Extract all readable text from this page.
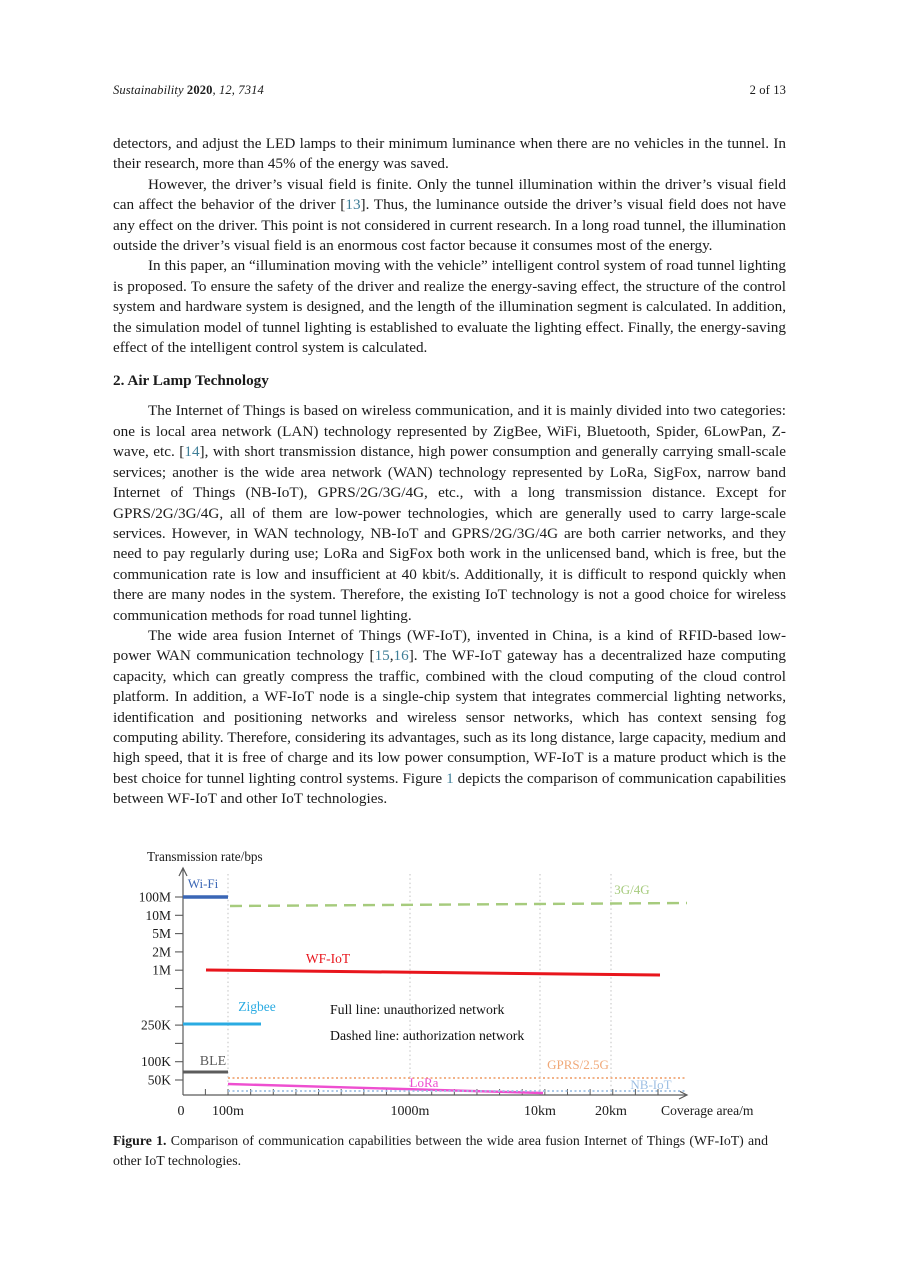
Sustainability 2020, 12, 7314	2 of 13

detectors, and adjust the LED lamps to their minimum luminance when there are no vehicles in the tunnel. In their research, more than 45% of the energy was saved.

However, the driver’s visual field is finite. Only the tunnel illumination within the driver’s visual field can affect the behavior of the driver [13]. Thus, the luminance outside the driver’s visual field does not have any effect on the driver. This point is not considered in current research. In a long road tunnel, the illumination outside the driver’s visual field is an enormous cost factor because it consumes most of the energy.

In this paper, an “illumination moving with the vehicle” intelligent control system of road tunnel lighting is proposed. To ensure the safety of the driver and realize the energy-saving effect, the structure of the control system and hardware system is designed, and the length of the illumination segment is calculated. In addition, the simulation model of tunnel lighting is established to evaluate the lighting effect. Finally, the energy-saving effect of the intelligent control system is calculated.

2. Air Lamp Technology

The Internet of Things is based on wireless communication, and it is mainly divided into two categories: one is local area network (LAN) technology represented by ZigBee, WiFi, Bluetooth, Spider, 6LowPan, Z-wave, etc. [14], with short transmission distance, high power consumption and generally carrying small-scale services; another is the wide area network (WAN) technology represented by LoRa, SigFox, narrow band Internet of Things (NB-IoT), GPRS/2G/3G/4G, etc., with a long transmission distance. Except for GPRS/2G/3G/4G, all of them are low-power technologies, which are generally used to carry large-scale services. However, in WAN technology, NB-IoT and GPRS/2G/3G/4G are both carrier networks, and they need to pay regularly during use; LoRa and SigFox both work in the unlicensed band, which is free, but the communication rate is low and insufficient at 40 kbit/s. Additionally, it is difficult to respond quickly when there are many nodes in the system. Therefore, the existing IoT technology is not a good choice for wireless communication methods for road tunnel lighting.

The wide area fusion Internet of Things (WF-IoT), invented in China, is a kind of RFID-based low-power WAN communication technology [15,16]. The WF-IoT gateway has a decentralized haze computing capacity, which can greatly compress the traffic, combined with the cloud computing of the cloud control platform. In addition, a WF-IoT node is a single-chip system that integrates commercial lighting networks, identification and positioning networks and wireless sensor networks, which has context sensing fog computing ability. Therefore, considering its advantages, such as its long distance, large capacity, medium and high speed, that it is free of charge and its low power consumption, WF-IoT is a mature product which is the best choice for tunnel lighting control systems. Figure 1 depicts the comparison of communication capabilities between WF-IoT and other IoT technologies.

100M
10M
5M
2M
1M
250K
100K
50K
0 100m	1000m	10km	20km
Transmission rate/bps
Coverage area/m
Wi-Fi	3G/4G
WF-IoT
Zigbee
BLE	GPRS/2.5G
LoRa	NB-IoT
Full line: unauthorized network
Dashed line: authorization network
Figure 1. Comparison of communication capabilities between the wide area fusion Internet of Things (WF-IoT) and other IoT technologies.
